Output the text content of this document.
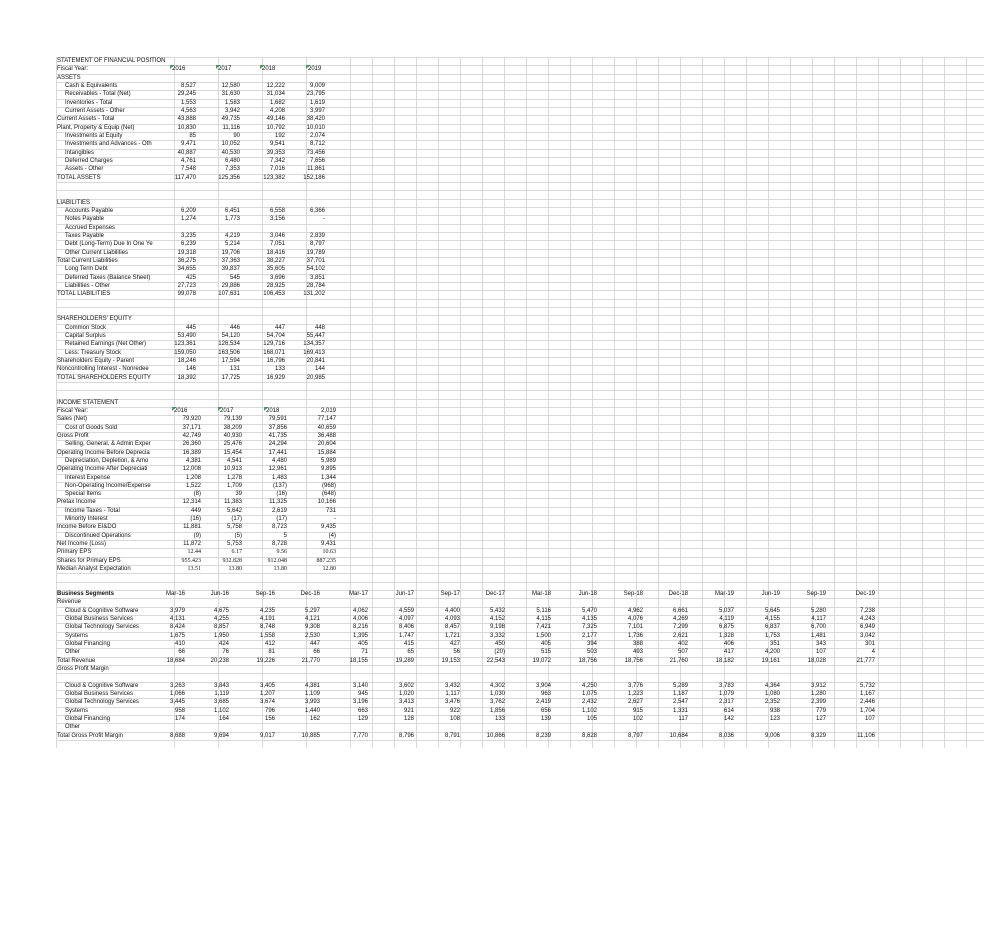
STATEMENT OF FINANCIAL POSITION
Fiscal Year:	2016	2017	2018	2019
ASSETS
Cash & Equivalents	8,527	12,580	12,222	9,009
Receivables - Total (Net)	29,245	31,630	31,034	23,795
Inventories - Total	1,553	1,583	1,682	1,619
Current Assets - Other	4,563	3,942	4,208	3,997
Current Assets - Total	43,888	49,735	49,146	38,420
Plant, Property & Equip (Net)	10,830	11,116	10,792	10,010
Investments at Equity	85	90	192	2,074
Investments and Advances - Oth	9,471	10,052	9,541	8,712
Intangibles	40,887	40,530	39,353	73,456
Deferred Charges	4,761	6,480	7,342	7,656
Assets - Other	7,548	7,353	7,016	11,861
TOTAL ASSETS	117,470	125,356	123,382	152,186
LIABILITIES
Accounts Payable	6,209	6,451	6,558	6,366
Notes Payable	1,274	1,773	3,156	-
Accrued Expenses
Taxes Payable	3,235	4,219	3,046	2,839
Debt (Long-Term) Due In One Ye	6,239	5,214	7,051	8,797
Other Current Liabilities	19,318	19,706	18,416	19,789
Total Current Liabilities	36,275	37,363	38,227	37,701
Long Term Debt	34,655	39,837	35,605	54,102
Deferred Taxes (Balance Sheet)	425	545	3,696	3,851
Liabilities - Other	27,723	29,886	28,925	28,784
TOTAL LIABILITIES	99,078	107,631	106,453	131,202
SHAREHOLDERS' EQUITY
Common Stock	445	446	447	448
Capital Surplus	53,490	54,120	54,704	55,447
Retained Earnings (Net Other)	123,361	126,534	129,716	134,357
Less: Treasury Stock	159,050	163,506	168,071	169,413
Shareholders Equity - Parent	18,246	17,594	16,796	20,841
Noncontrolling Interest - Nonredee	146	131	133	144
TOTAL SHAREHOLDERS EQUITY	18,392	17,725	16,929	20,985
INCOME STATEMENT
Fiscal Year:	2016	2017	2018	2,019
Sales (Net)	79,920	79,139	79,591	77,147
Cost of Goods Sold	37,171	38,209	37,856	40,659
Gross Profit	42,749	40,930	41,735	36,488
Selling, General, & Admin Exper	26,360	25,476	24,294	20,604
Operating Income Before Deprecia	16,389	15,454	17,441	15,884
Depreciation, Depletion, & Amo	4,381	4,541	4,480	5,989
Operating Income After Depreciati	12,008	10,913	12,961	9,895
Interest Expense	1,208	1,278	1,483	1,344
Non-Operating Income/Expense	1,522	1,709	(137)	(968)
Special Items	(8)	39	(16)	(648)
Pretax Income	12,314	11,383	11,325	10,166
Income Taxes - Total	449	5,642	2,619	731
Minority Interest	(16)	(17)	(17)	-
Income Before EI&DO	11,881	5,758	8,723	9,435
Discontinued Operations	(9)	(5)	5	(4)
Net Income (Loss)	11,872	5,753	8,728	9,431
Primary EPS	12.44	6.17	9.56	10.63
Shares for Primary EPS	955.423	932.828	912.048	887.235
Median Analyst Expectation	13.51	13.80	13.80	12.80
Business Segments	Mar-16	Jun-16	Sep-16	Dec-16	Mar-17	Jun-17	Sep-17	Dec-17	Mar-18	Jun-18	Sep-18	Dec-18	Mar-19	Jun-19	Sep-19	Dec-19
Revenue
Cloud & Cognitive Software	3,979	4,675	4,235	5,297	4,062	4,559	4,400	5,432	5,116	5,470	4,962	6,661	5,037	5,645	5,280	7,238
Global Business Services	4,131	4,255	4,191	4,121	4,006	4,097	4,093	4,152	4,115	4,135	4,076	4,269	4,119	4,155	4,117	4,243
Global Technology Services	8,424	8,857	8,748	9,308	8,216	8,406	8,457	9,198	7,421	7,325	7,101	7,299	6,875	6,837	6,700	6,949
Systems	1,675	1,950	1,558	2,530	1,395	1,747	1,721	3,332	1,500	2,177	1,736	2,621	1,328	1,753	1,481	3,042
Global Financing	410	424	412	447	405	415	427	450	405	394	388	402	406	351	343	301
Other	66	76	81	66	71	65	56	(20)	515	503	493	507	417	4,200	107	4
Total Revenue	18,684	20,238	19,226	21,770	18,155	19,289	19,153	22,543	19,072	18,756	18,756	21,760	18,182	19,161	18,028	21,777
Gross Profit Margin
Cloud & Cognitive Software	3,263	3,843	3,405	4,381	3,140	3,602	3,432	4,302	3,904	4,250	3,776	5,289	3,783	4,364	3,912	5,732
Global Business Services	1,066	1,119	1,207	1,109	945	1,020	1,117	1,030	963	1,075	1,223	1,187	1,079	1,080	1,280	1,167
Global Technology Services	3,445	3,685	3,674	3,993	3,196	3,413	3,476	3,762	2,419	2,432	2,627	2,547	2,317	2,352	2,399	2,446
Systems	958	1,102	796	1,440	663	921	922	1,856	656	1,102	915	1,331	614	938	779	1,704
Global Financing	174	164	156	162	129	128	108	133	139	105	102	117	142	123	127	107
Other
Total Gross Profit Margin	8,688	9,694	9,017	10,885	7,770	8,796	8,791	10,866	8,239	8,628	8,797	10,684	8,036	9,006	8,329	11,106
